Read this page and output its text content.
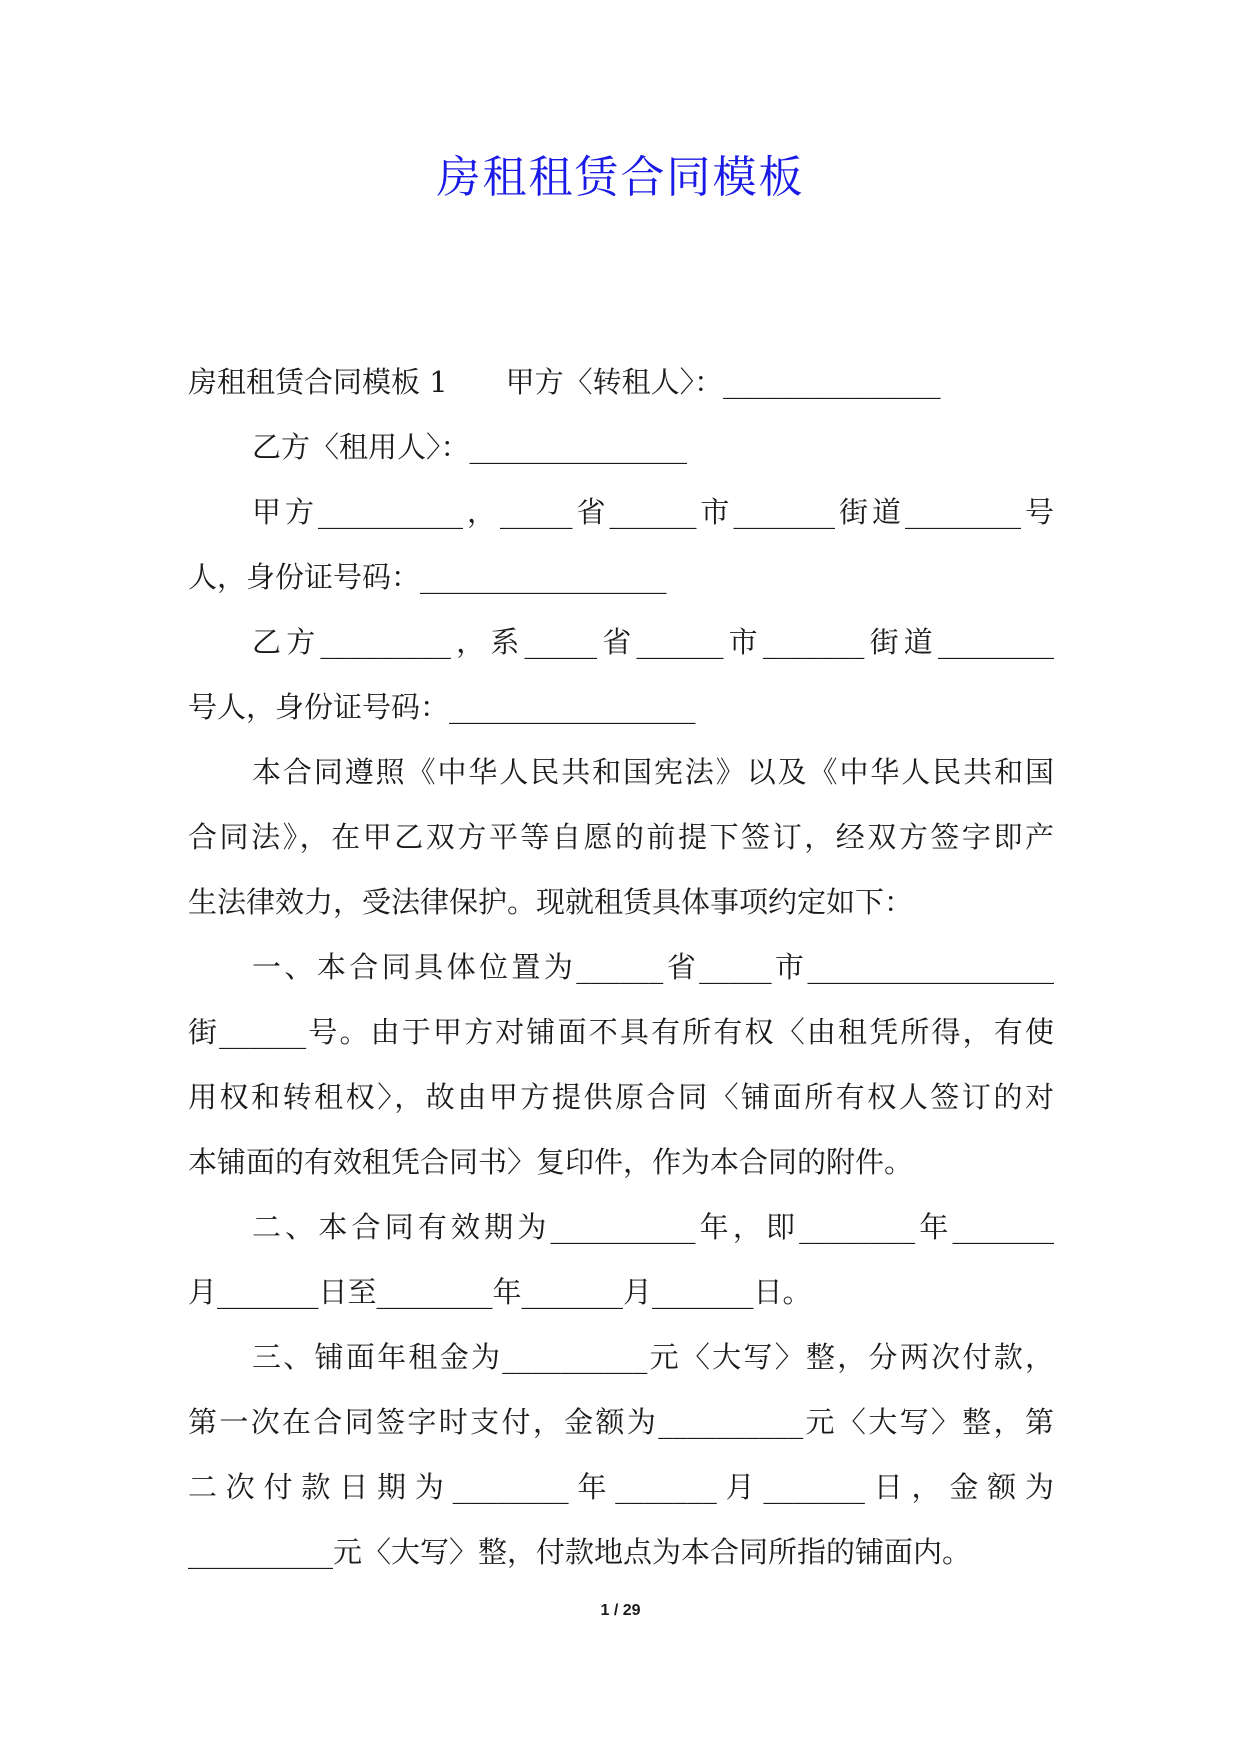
房租租赁合同模板
房租租赁合同模板 1　　甲方〈转租人〉：_______________
乙方〈租用人〉：_______________
甲方__________，_____省______市_______街道________号
人，身份证号码：_________________
乙方_________，系_____省______市_______街道________
号人，身份证号码：_________________
本合同遵照《中华人民共和国宪法》以及《中华人民共和国
合同法》，在甲乙双方平等自愿的前提下签订，经双方签字即产
生法律效力，受法律保护。现就租赁具体事项约定如下：
一、本合同具体位置为______省_____市_________________
街______号。由于甲方对铺面不具有所有权〈由租凭所得，有使
用权和转租权〉，故由甲方提供原合同〈铺面所有权人签订的对
本铺面的有效租凭合同书〉复印件，作为本合同的附件。
二、本合同有效期为__________年，即________年_______
月_______日至________年_______月_______日。
三、铺面年租金为__________元〈大写〉整，分两次付款，
第一次在合同签字时支付，金额为__________元〈大写〉整，第
二次付款日期为________年_______月_______日，金额为
__________元〈大写〉整，付款地点为本合同所指的铺面内。
1 / 29
